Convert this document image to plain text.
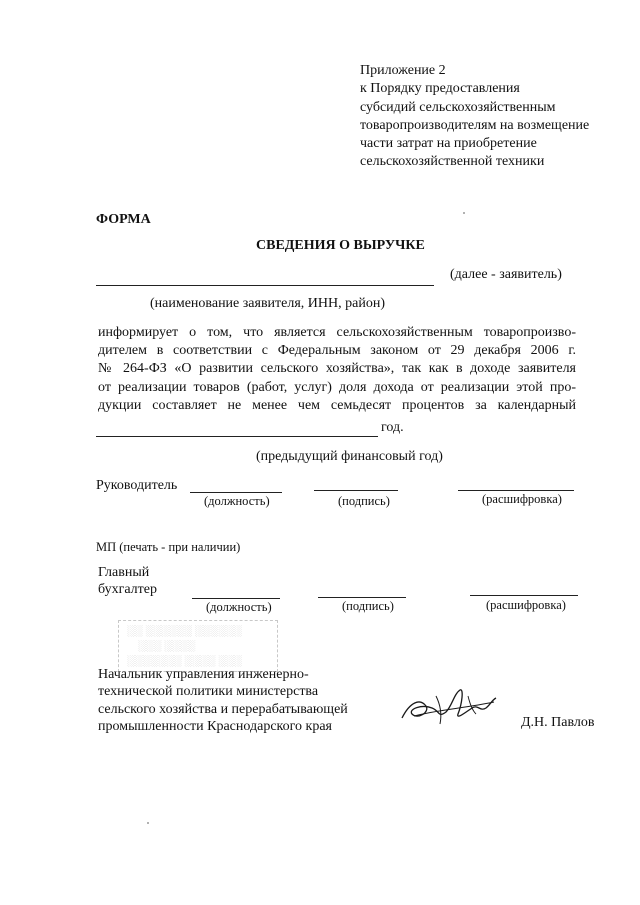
Приложение 2
к Порядку предоставления
субсидий сельскохозяйственным
товаропроизводителям на возмещение
части затрат на приобретение
сельскохозяйственной техники
ФОРМА
СВЕДЕНИЯ О ВЫРУЧКЕ
(далее - заявитель)
(наименование заявителя, ИНН, район)
информирует о том, что является сельскохозяйственным товаропроизво-
дителем в соответствии с Федеральным законом от 29 декабря 2006 г.
№ 264-ФЗ «О развитии сельского хозяйства», так как в доходе заявителя
от реализации товаров (работ, услуг) доля дохода от реализации этой про-
дукции составляет не менее чем семьдесят процентов за календарный
год.
(предыдущий финансовый год)
Руководитель
(должность)	(подпись)	(расшифровка)
МП (печать - при наличии)
Главный
бухгалтер
(должность)	(подпись)	(расшифровка)
░░ ░░░░░░ ░░░░░░
░░░ ░░░░
░░░░░░░ ░░░░ ░░░
Начальник управления инженерно-
технической политики министерства
сельского хозяйства и перерабатывающей
промышленности Краснодарского края	Д.Н. Павлов
